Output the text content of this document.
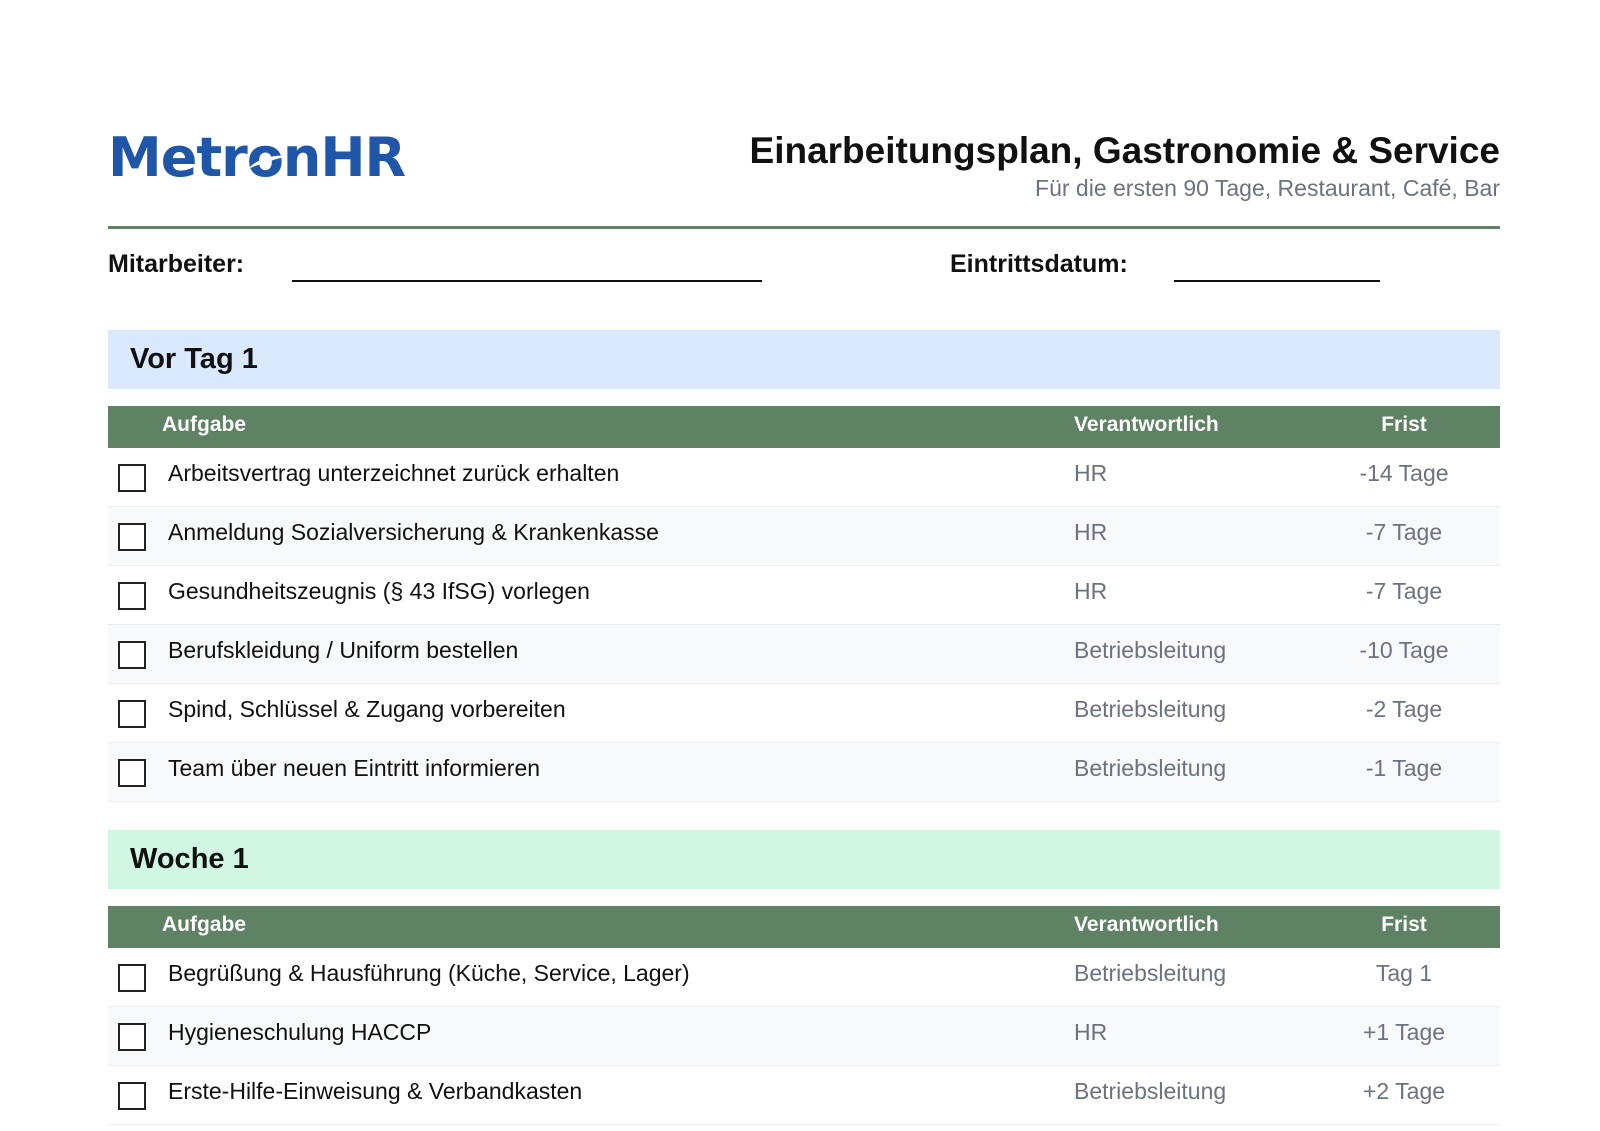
Metro
nHR	Einarbeitungsplan, Gastronomie & Service
Für die ersten 90 Tage, Restaurant, Café, Bar
Mitarbeiter:	Eintrittsdatum:
Vor Tag 1
Aufgabe	Verantwortlich	Frist
Arbeitsvertrag unterzeichnet zurück erhalten	HR	-14 Tage
Anmeldung Sozialversicherung & Krankenkasse	HR	-7 Tage
Gesundheitszeugnis (§ 43 IfSG) vorlegen	HR	-7 Tage
Berufskleidung / Uniform bestellen	Betriebsleitung	-10 Tage
Spind, Schlüssel & Zugang vorbereiten	Betriebsleitung	-2 Tage
Team über neuen Eintritt informieren	Betriebsleitung	-1 Tage
Woche 1
Aufgabe	Verantwortlich	Frist
Begrüßung & Hausführung (Küche, Service, Lager)	Betriebsleitung	Tag 1
Hygieneschulung HACCP	HR	+1 Tage
Erste-Hilfe-Einweisung & Verbandkasten	Betriebsleitung	+2 Tage
